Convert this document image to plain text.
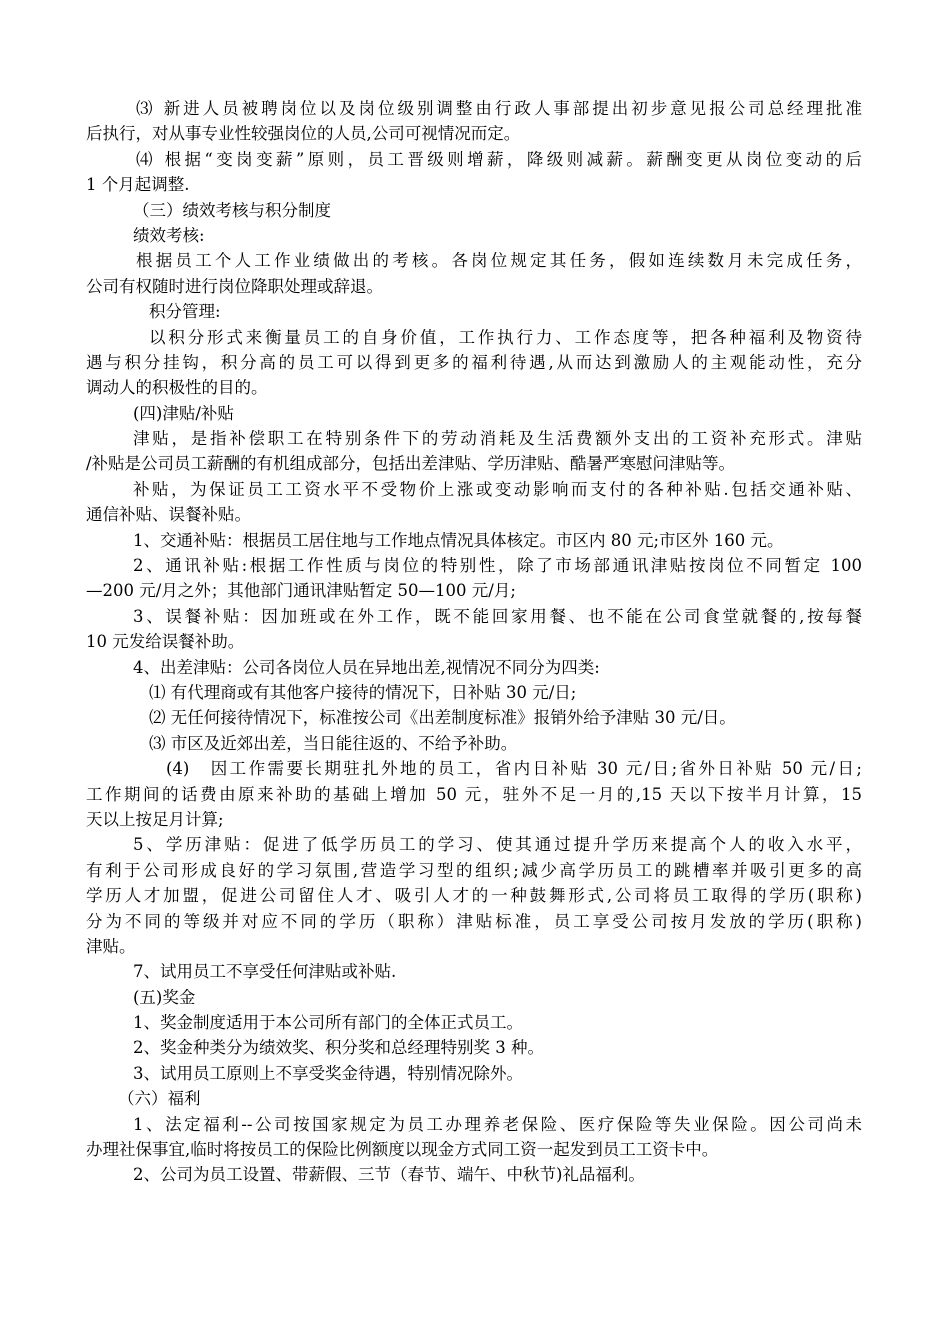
⑶ 新进人员被聘岗位以及岗位级别调整由行政人事部提出初步意见报公司总经理批准
后执行，对从事专业性较强岗位的人员,公司可视情况而定。
⑷ 根据“变岗变薪”原则，员工晋级则增薪，降级则减薪。薪酬变更从岗位变动的后
1 个月起调整.
（三）绩效考核与积分制度
绩效考核:
根据员工个人工作业绩做出的考核。各岗位规定其任务，假如连续数月未完成任务，
公司有权随时进行岗位降职处理或辞退。
积分管理:
以积分形式来衡量员工的自身价值，工作执行力、工作态度等，把各种福利及物资待
遇与积分挂钩，积分高的员工可以得到更多的福利待遇,从而达到激励人的主观能动性，充分
调动人的积极性的目的。
(四)津贴/补贴
津贴，是指补偿职工在特别条件下的劳动消耗及生活费额外支出的工资补充形式。津贴
/补贴是公司员工薪酬的有机组成部分，包括出差津贴、学历津贴、酷暑严寒慰问津贴等。
补贴，为保证员工工资水平不受物价上涨或变动影响而支付的各种补贴.包括交通补贴、
通信补贴、误餐补贴。
1、交通补贴：根据员工居住地与工作地点情况具体核定。市区内 80 元;市区外 160 元。
2、通讯补贴:根据工作性质与岗位的特别性，除了市场部通讯津贴按岗位不同暂定 100
—200 元/月之外；其他部门通讯津贴暂定 50—100 元/月;
3、误餐补贴：因加班或在外工作，既不能回家用餐、也不能在公司食堂就餐的,按每餐
10 元发给误餐补助。
4、出差津贴：公司各岗位人员在异地出差,视情况不同分为四类:
⑴ 有代理商或有其他客户接待的情况下，日补贴 30 元/日;
⑵ 无任何接待情况下，标准按公司《出差制度标准》报销外给予津贴 30 元/日。
⑶ 市区及近郊出差，当日能往返的、不给予补助。
(4)　因工作需要长期驻扎外地的员工，省内日补贴 30 元/日;省外日补贴 50 元/日;
工作期间的话费由原来补助的基础上增加 50 元，驻外不足一月的,15 天以下按半月计算，15
天以上按足月计算;
5、学历津贴：促进了低学历员工的学习、使其通过提升学历来提高个人的收入水平，
有利于公司形成良好的学习氛围,营造学习型的组织;减少高学历员工的跳槽率并吸引更多的高
学历人才加盟，促进公司留住人才、吸引人才的一种鼓舞形式,公司将员工取得的学历(职称)
分为不同的等级并对应不同的学历（职称）津贴标准，员工享受公司按月发放的学历(职称)
津贴。
7、试用员工不享受任何津贴或补贴.
(五)奖金
1、奖金制度适用于本公司所有部门的全体正式员工。
2、奖金种类分为绩效奖、积分奖和总经理特别奖 3 种。
3、试用员工原则上不享受奖金待遇，特别情况除外。
（六）福利
1、法定福利--公司按国家规定为员工办理养老保险、医疗保险等失业保险。因公司尚未
办理社保事宜,临时将按员工的保险比例额度以现金方式同工资一起发到员工工资卡中。
2、公司为员工设置、带薪假、三节（春节、端午、中秋节)礼品福利。
